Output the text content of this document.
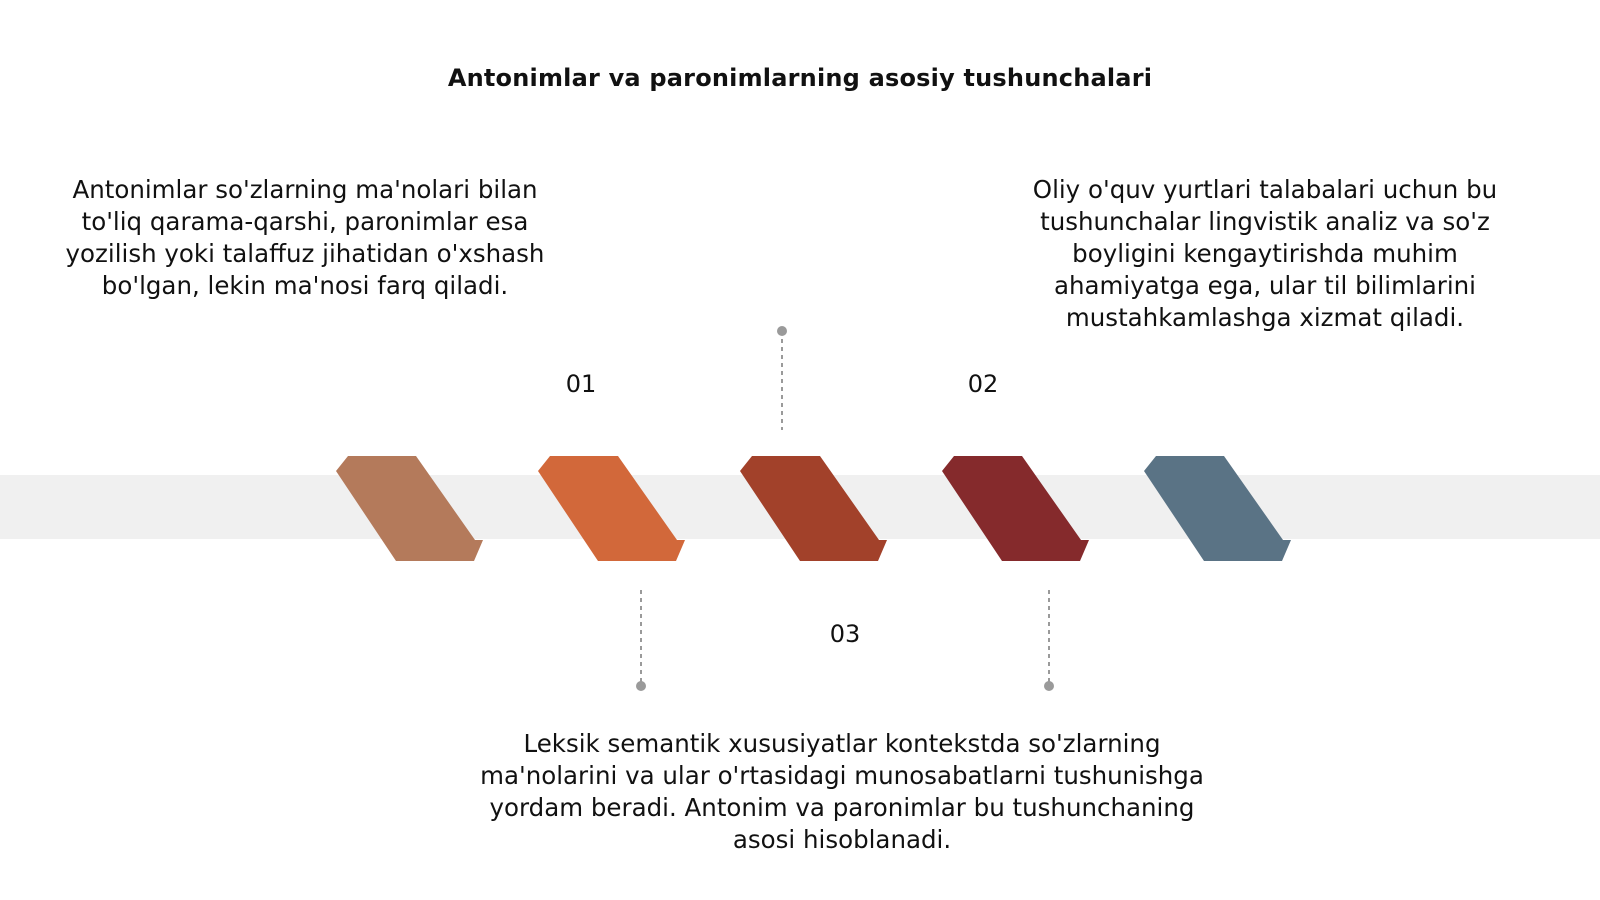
Antonimlar va paronimlarning asosiy tushunchalari
Antonimlar so'zlarning ma'nolari bilan to'liq qarama-qarshi, paronimlar esa yozilish yoki talaffuz jihatidan o'xshash bo'lgan, lekin ma'nosi farq qiladi.
Oliy o'quv yurtlari talabalari uchun bu tushunchalar lingvistik analiz va so'z boyligini kengaytirishda muhim ahamiyatga ega, ular til bilimlarini mustahkamlashga xizmat qiladi.
Leksik semantik xususiyatlar kontekstda so'zlarning ma'nolarini va ular o'rtasidagi munosabatlarni tushunishga yordam beradi. Antonim va paronimlar bu tushunchaning asosi hisoblanadi.
01	02
03
